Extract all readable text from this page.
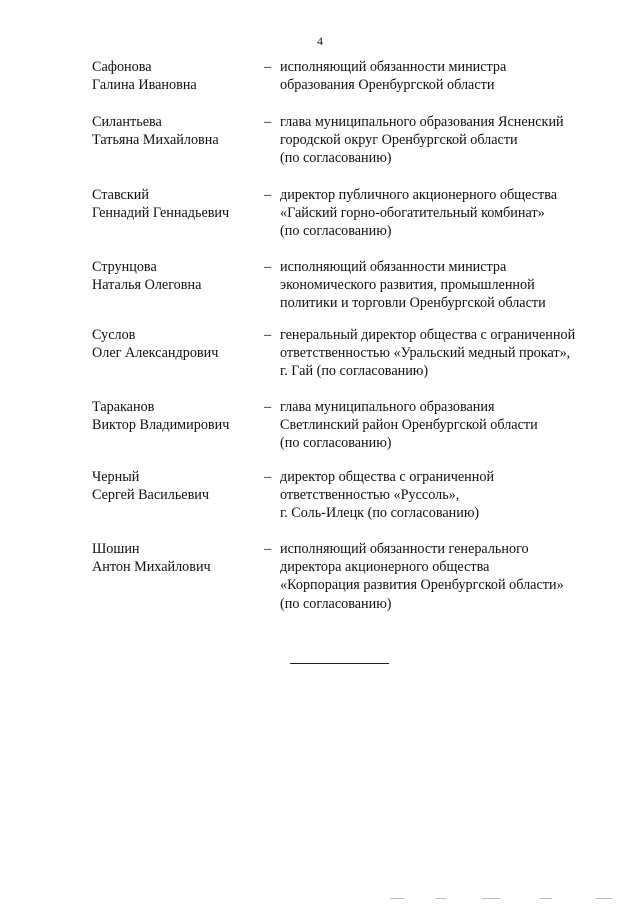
4
Сафонова
Галина Ивановна
– исполняющий обязанности министра
образования Оренбургской области
Силантьева
Татьяна Михайловна
– глава муниципального образования Ясненский
городской округ Оренбургской области
(по согласованию)
Ставский
Геннадий Геннадьевич
– директор публичного акционерного общества
«Гайский горно-обогатительный комбинат»
(по согласованию)
Струнцова
Наталья Олеговна
– исполняющий обязанности министра
экономического развития, промышленной
политики и торговли Оренбургской области
Суслов
Олег Александрович
– генеральный директор общества с ограниченной
ответственностью «Уральский медный прокат»,
г. Гай (по согласованию)
Тараканов
Виктор Владимирович
– глава муниципального образования
Светлинский район Оренбургской области
(по согласованию)
Черный
Сергей Васильевич
– директор общества с ограниченной
ответственностью «Руссоль»,
г. Соль-Илецк (по согласованию)
Шошин
Антон Михайлович
– исполняющий обязанности генерального
директора акционерного общества
«Корпорация развития Оренбургской области»
(по согласованию)
